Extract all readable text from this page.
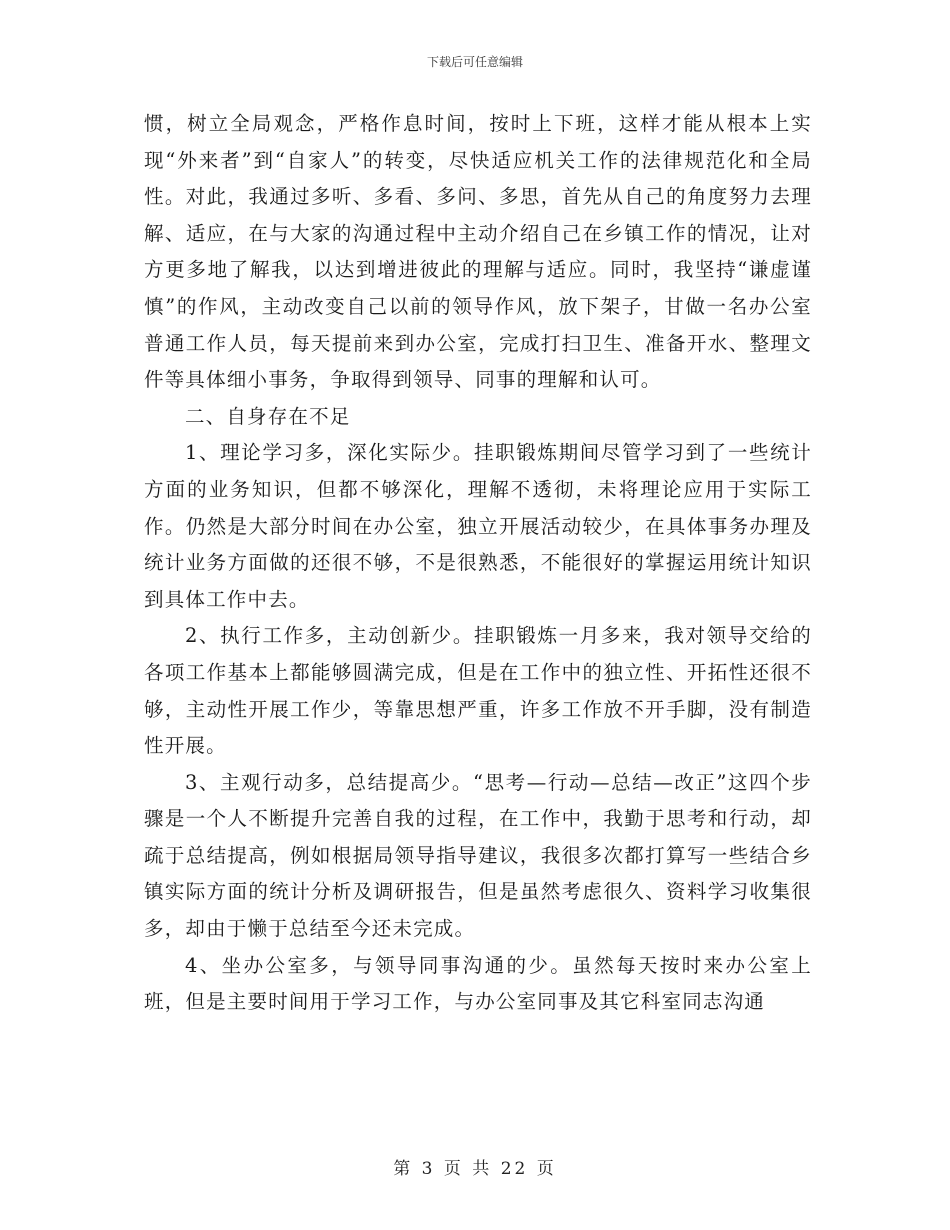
下载后可任意编辑

惯，树立全局观念，严格作息时间，按时上下班，这样才能从根本上实现“外来者”到“自家人”的转变，尽快适应机关工作的法律规范化和全局性。对此，我通过多听、多看、多问、多思，首先从自己的角度努力去理解、适应，在与大家的沟通过程中主动介绍自己在乡镇工作的情况，让对方更多地了解我，以达到增进彼此的理解与适应。同时，我坚持“谦虚谨慎”的作风，主动改变自己以前的领导作风，放下架子，甘做一名办公室普通工作人员，每天提前来到办公室，完成打扫卫生、准备开水、整理文件等具体细小事务，争取得到领导、同事的理解和认可。

二、自身存在不足

1、理论学习多，深化实际少。挂职锻炼期间尽管学习到了一些统计方面的业务知识，但都不够深化，理解不透彻，未将理论应用于实际工作。仍然是大部分时间在办公室，独立开展活动较少，在具体事务办理及统计业务方面做的还很不够，不是很熟悉，不能很好的掌握运用统计知识到具体工作中去。

2、执行工作多，主动创新少。挂职锻炼一月多来，我对领导交给的各项工作基本上都能够圆满完成，但是在工作中的独立性、开拓性还很不够，主动性开展工作少，等靠思想严重，许多工作放不开手脚，没有制造性开展。

3、主观行动多，总结提高少。“思考—行动—总结—改正”这四个步骤是一个人不断提升完善自我的过程，在工作中，我勤于思考和行动，却疏于总结提高，例如根据局领导指导建议，我很多次都打算写一些结合乡镇实际方面的统计分析及调研报告，但是虽然考虑很久、资料学习收集很多，却由于懒于总结至今还未完成。

4、坐办公室多，与领导同事沟通的少。虽然每天按时来办公室上班，但是主要时间用于学习工作，与办公室同事及其它科室同志沟通

第 3 页 共 22 页
